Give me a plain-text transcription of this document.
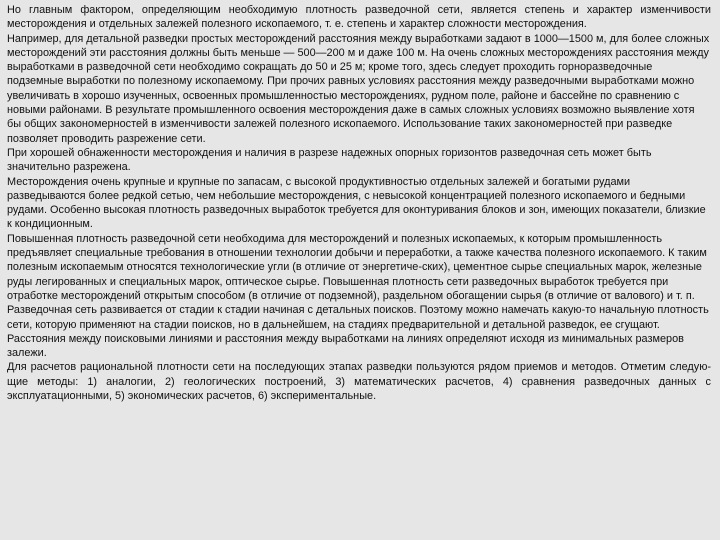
Но главным фактором, определяющим необходимую плотность разведочной сети, является степень и характер изменчивости месторождения и отдельных залежей полезного ископаемого, т. е. степень и характер сложности месторождения.

Например, для детальной разведки простых месторождений расстояния между выработками задают в 1000—1500 м, для более сложных месторождений эти расстояния должны быть меньше — 500—200 м и даже 100 м. На очень сложных месторождениях расстояния между выработками в разведочной сети необходимо сокращать до 50 и 25 м; кроме того, здесь следует проходить горноразведочные подземные выработки по полезному ископаемому. При прочих равных условиях расстояния между разведочными выработками можно увеличивать в хорошо изученных, освоенных промышленностью месторождениях, рудном поле, районе и бассейне по сравнению с новыми районами. В результате промышленного освоения месторождения даже в самых сложных условиях возможно выявление хотя бы общих закономерностей в изменчивости залежей полезного ископаемого. Использование таких закономерностей при разведке позволяет проводить разрежение сети.

При хорошей обнаженности месторождения и наличия в разрезе надежных опорных горизонтов разведочная сеть может быть значительно разрежена.

Месторождения очень крупные и крупные по запасам, с высокой продуктивностью отдельных залежей и богатыми рудами разведываются более редкой сетью, чем небольшие месторождения, с невысокой концентрацией полезного ископаемого и бедными рудами. Особенно высокая плотность разведочных выработок требуется для оконтуривания блоков и зон, имеющих показатели, близкие к кондиционным.

Повышенная плотность разведочной сети необходима для месторождений и полезных ископаемых, к которым промышленность предъявляет специальные требования в отношении технологии добычи и переработки, а также качества полезного ископаемого. К таким полезным ископаемым относятся технологические угли (в отличие от энергетиче-ских), цементное сырье специальных марок, железные руды легированных и специальных марок, оптическое сырье. Повышенная плотность сети разведочных выработок требуется при отработке месторождений открытым способом (в отличие от подземной), раздельном обогащении сырья (в отличие от валового) и т. п.

Разведочная сеть развивается от стадии к стадии начиная с детальных поисков. Поэтому можно намечать какую-то начальную плотность сети, которую применяют на стадии поисков, но в дальнейшем, на стадиях предварительной и детальной разведок, ее сгущают. Расстояния между поисковыми линиями и расстояния между выработками на линиях определяют исходя из минимальных размеров залежи.

Для расчетов рациональной плотности сети на последующих этапах разведки пользуются рядом приемов и методов. Отметим следую-щие методы: 1) аналогии, 2) геологических построений, 3) математических расчетов, 4) сравнения разведочных данных с эксплуатационными, 5) экономических расчетов, 6) экспериментальные.
